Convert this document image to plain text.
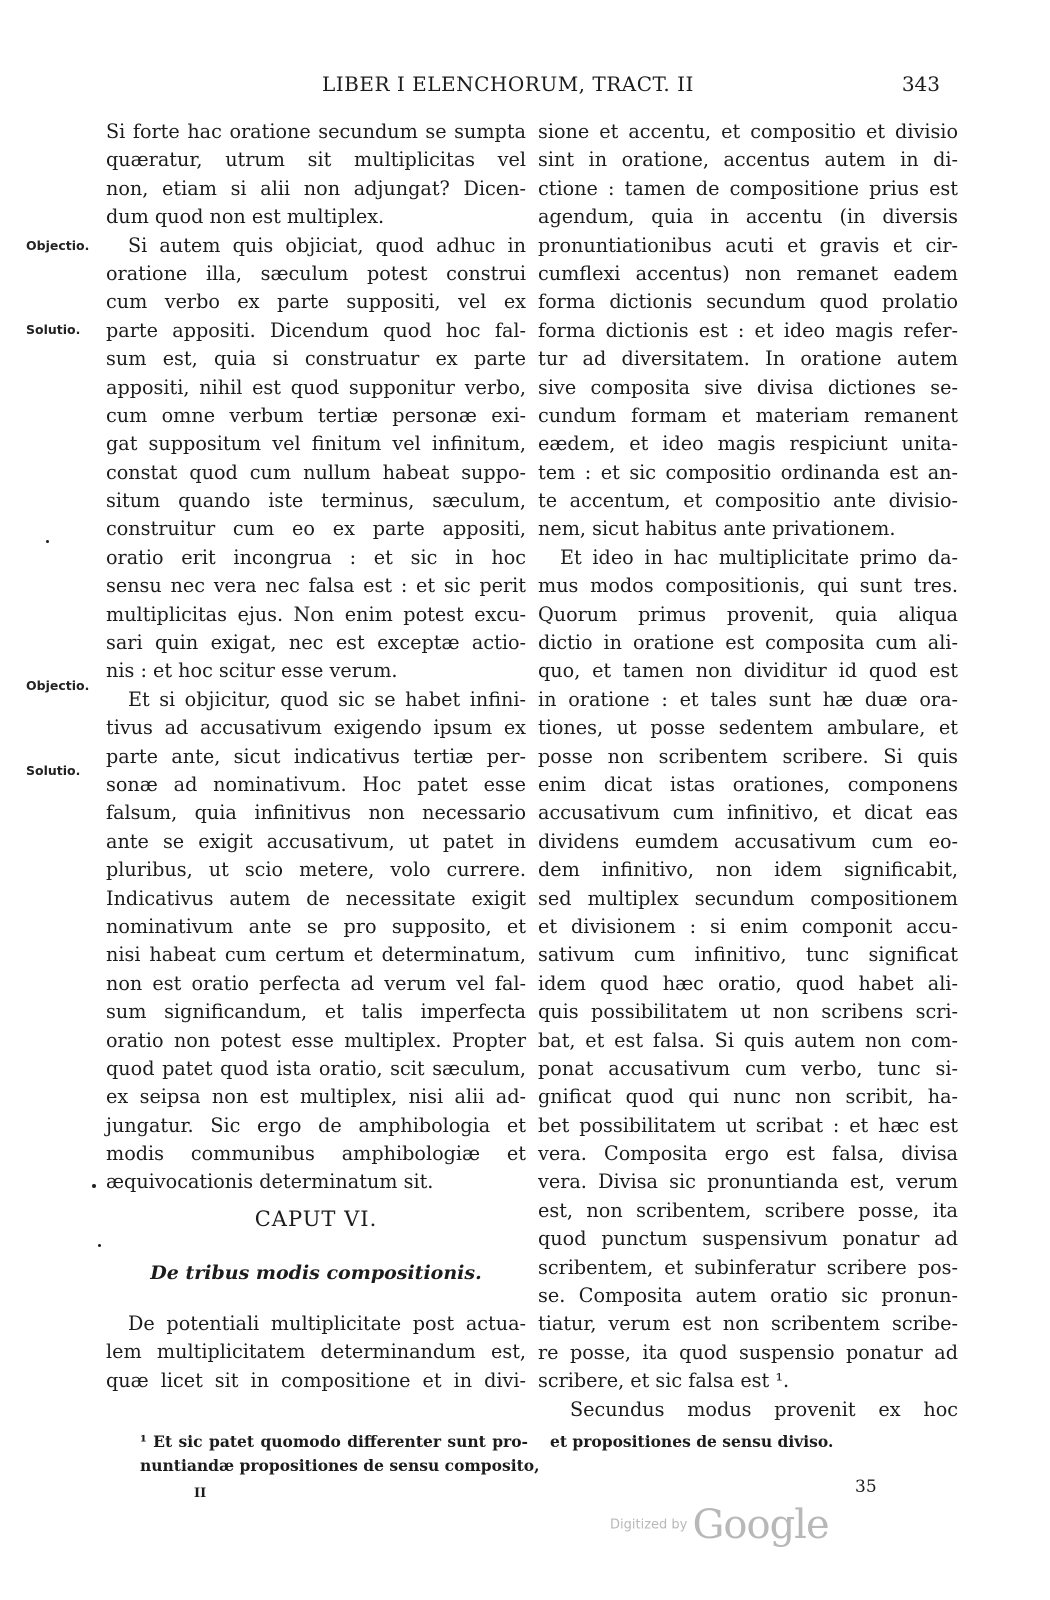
LIBER I ELENCHORUM, TRACT. II	343
Objectio.
Solutio.
Objectio.
Solutio.
Si forte hac oratione secundum se sumpta
quæratur, utrum sit multiplicitas vel
non, etiam si alii non adjungat? Dicen-
dum quod non est multiplex.
Si autem quis objiciat, quod adhuc in
oratione illa, sæculum potest construi
cum verbo ex parte suppositi, vel ex
parte appositi. Dicendum quod hoc fal-
sum est, quia si construatur ex parte
appositi, nihil est quod supponitur verbo,
cum omne verbum tertiæ personæ exi-
gat suppositum vel finitum vel infinitum,
constat quod cum nullum habeat suppo-
situm quando iste terminus, sæculum,
construitur cum eo ex parte appositi,
oratio erit incongrua : et sic in hoc
sensu nec vera nec falsa est : et sic perit
multiplicitas ejus. Non enim potest excu-
sari quin exigat, nec est exceptæ actio-
nis : et hoc scitur esse verum.
Et si objicitur, quod sic se habet infini-
tivus ad accusativum exigendo ipsum ex
parte ante, sicut indicativus tertiæ per-
sonæ ad nominativum. Hoc patet esse
falsum, quia infinitivus non necessario
ante se exigit accusativum, ut patet in
pluribus, ut scio metere, volo currere.
Indicativus autem de necessitate exigit
nominativum ante se pro supposito, et
nisi habeat cum certum et determinatum,
non est oratio perfecta ad verum vel fal-
sum significandum, et talis imperfecta
oratio non potest esse multiplex. Propter
quod patet quod ista oratio, scit sæculum,
ex seipsa non est multiplex, nisi alii ad-
jungatur. Sic ergo de amphibologia et
modis communibus amphibologiæ et
æquivocationis determinatum sit.
CAPUT VI.
De tribus modis compositionis.
De potentiali multiplicitate post actua-
lem multiplicitatem determinandum est,
quæ licet sit in compositione et in divi-
sione et accentu, et compositio et divisio
sint in oratione, accentus autem in di-
ctione : tamen de compositione prius est
agendum, quia in accentu (in diversis
pronuntiationibus acuti et gravis et cir-
cumflexi accentus) non remanet eadem
forma dictionis secundum quod prolatio
forma dictionis est : et ideo magis refer-
tur ad diversitatem. In oratione autem
sive composita sive divisa dictiones se-
cundum formam et materiam remanent
eædem, et ideo magis respiciunt unita-
tem : et sic compositio ordinanda est an-
te accentum, et compositio ante divisio-
nem, sicut habitus ante privationem.
Et ideo in hac multiplicitate primo da-
mus modos compositionis, qui sunt tres.
Quorum primus provenit, quia aliqua
dictio in oratione est composita cum ali-
quo, et tamen non dividitur id quod est
in oratione : et tales sunt hæ duæ ora-
tiones, ut posse sedentem ambulare, et
posse non scribentem scribere. Si quis
enim dicat istas orationes, componens
accusativum cum infinitivo, et dicat eas
dividens eumdem accusativum cum eo-
dem infinitivo, non idem significabit,
sed multiplex secundum compositionem
et divisionem : si enim componit accu-
sativum cum infinitivo, tunc significat
idem quod hæc oratio, quod habet ali-
quis possibilitatem ut non scribens scri-
bat, et est falsa. Si quis autem non com-
ponat accusativum cum verbo, tunc si-
gnificat quod qui nunc non scribit, ha-
bet possibilitatem ut scribat : et hæc est
vera. Composita ergo est falsa, divisa
vera. Divisa sic pronuntianda est, verum
est, non scribentem, scribere posse, ita
quod punctum suspensivum ponatur ad
scribentem, et subinferatur scribere pos-
se. Composita autem oratio sic pronun-
tiatur, verum est non scribentem scribe-
re posse, ita quod suspensio ponatur ad
scribere, et sic falsa est ¹.
Secundus modus provenit ex hoc
¹ Et sic patet quomodo differenter sunt pro-
nuntiandæ propositiones de sensu composito,
et propositiones de sensu diviso.
II	35
Digitized by Google
